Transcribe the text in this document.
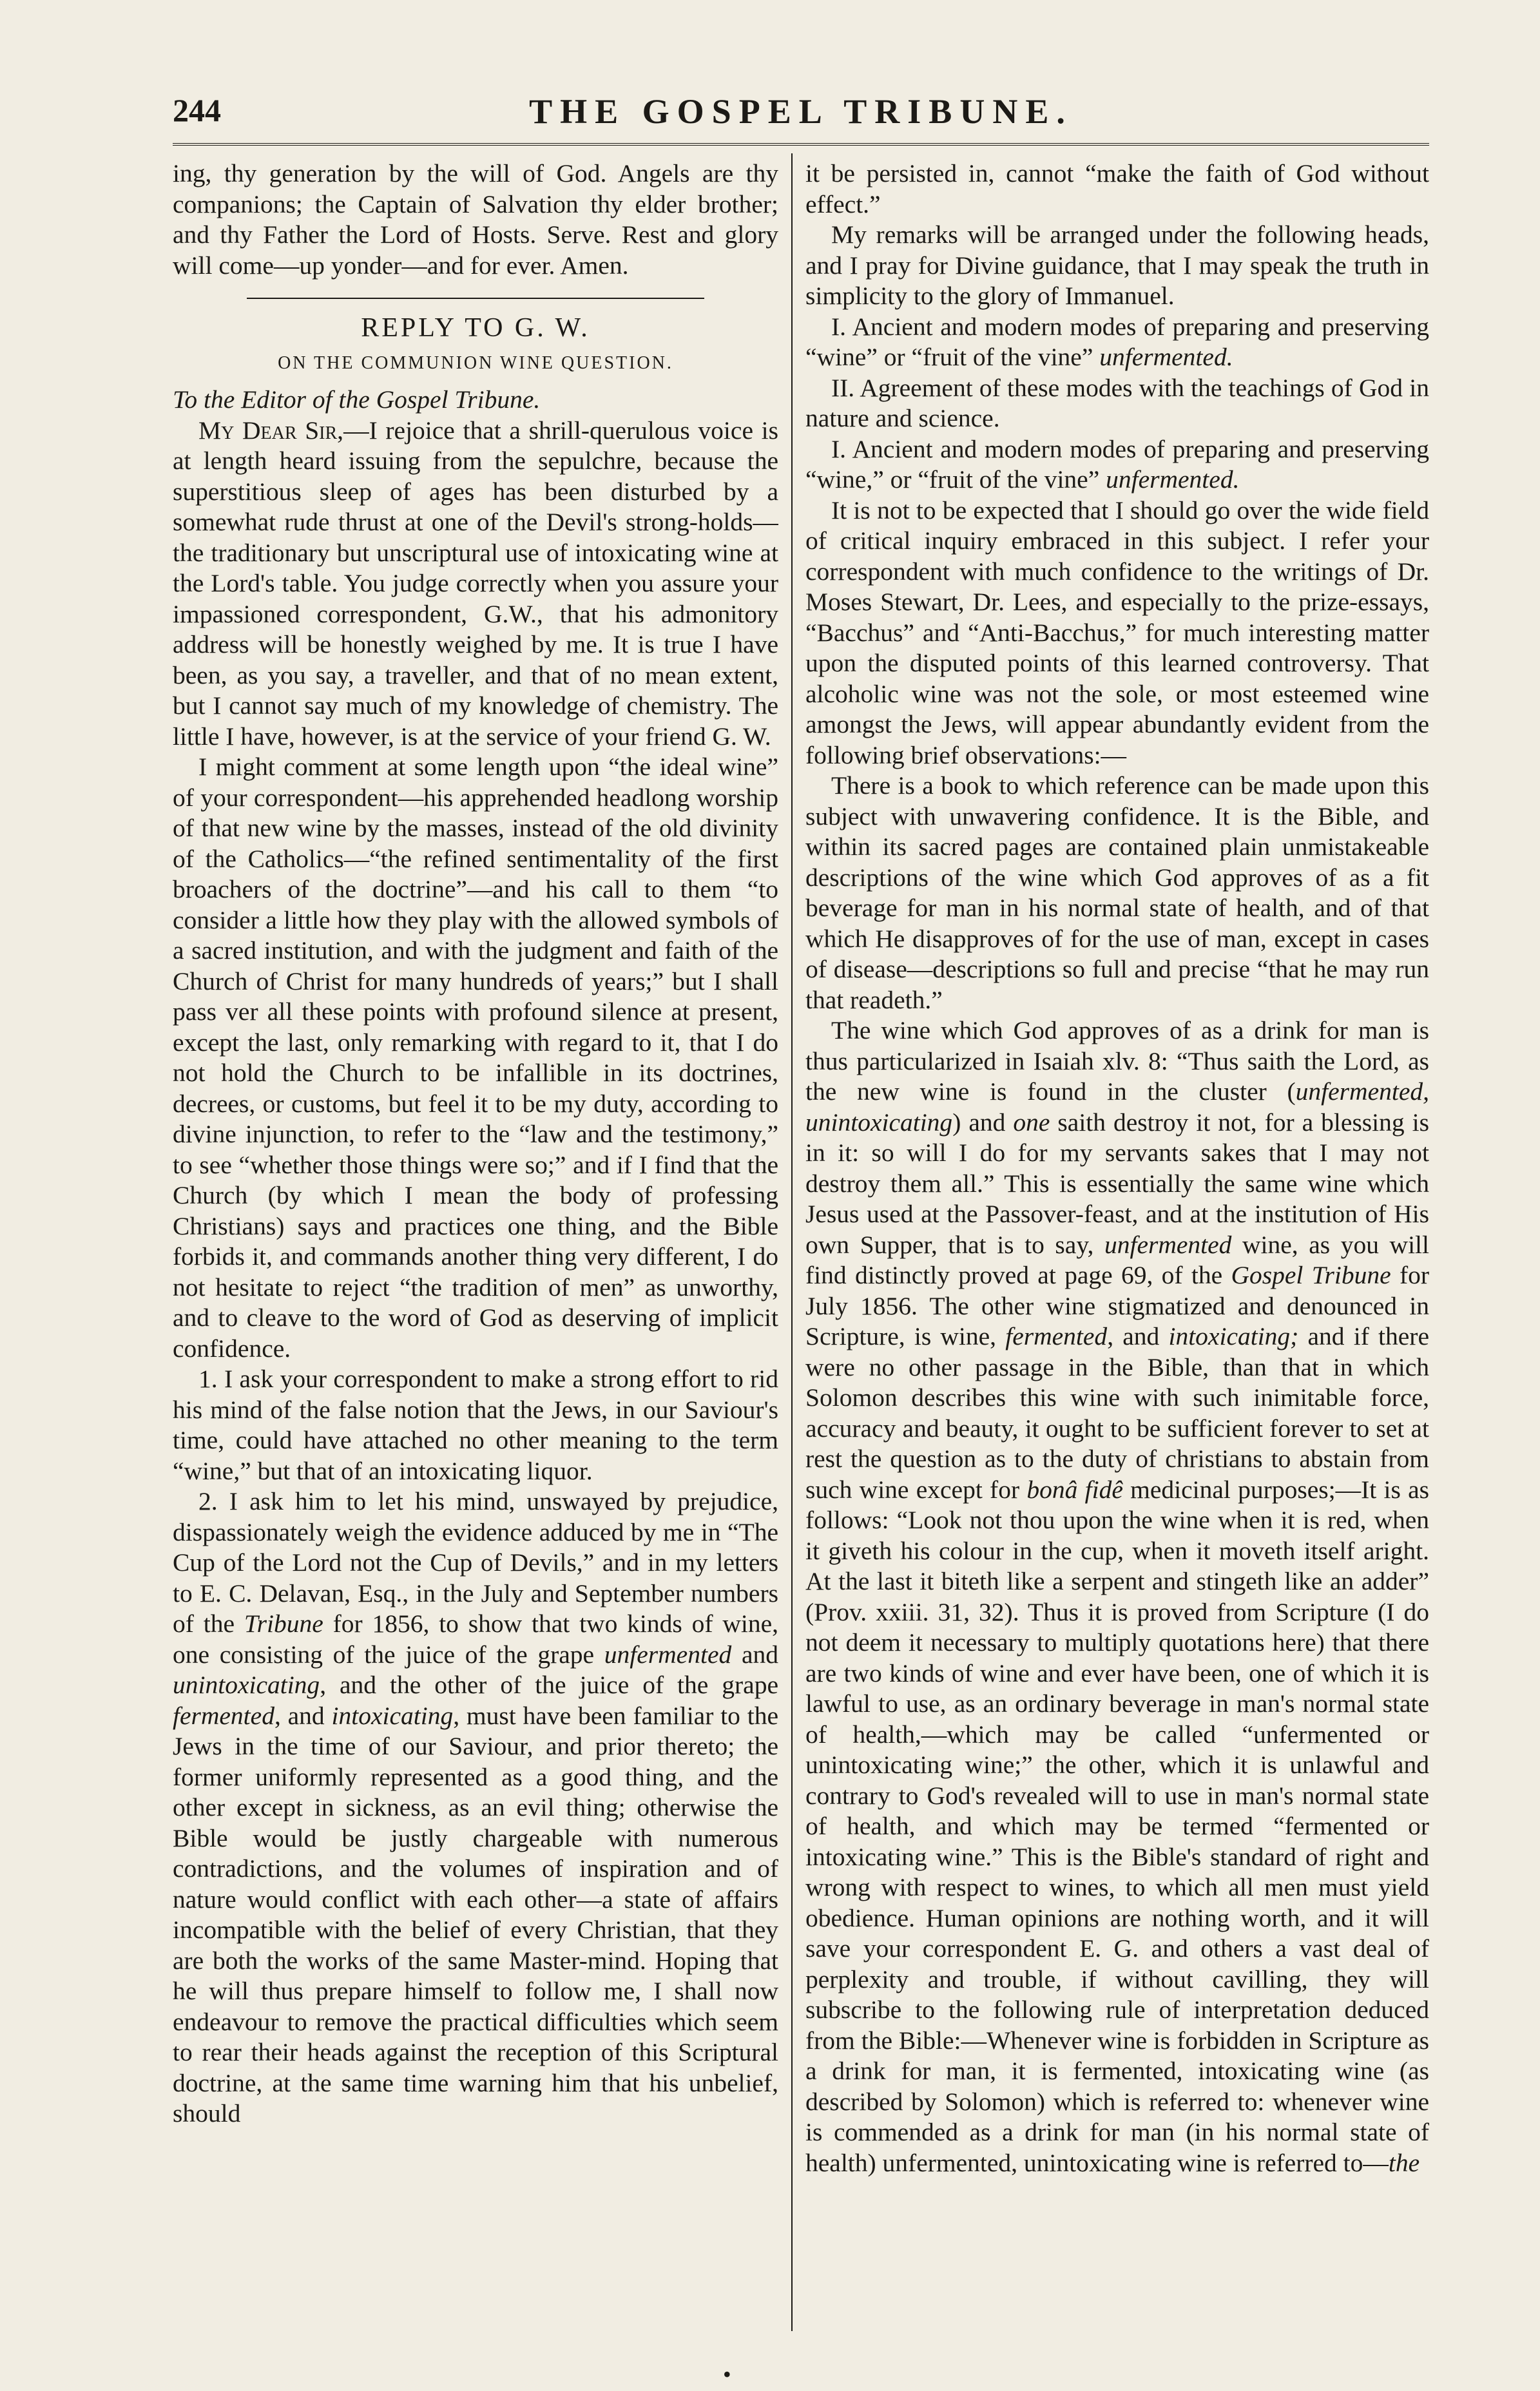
244	THE GOSPEL TRIBUNE.

ing, thy generation by the will of God. Angels are thy companions; the Captain of Salvation thy elder brother; and thy Father the Lord of Hosts. Serve. Rest and glory will come—up yonder—and for ever. Amen.

REPLY TO G. W.
ON THE COMMUNION WINE QUESTION.

To the Editor of the Gospel Tribune.

My Dear Sir,—I rejoice that a shrill-querulous voice is at length heard issuing from the sepulchre, because the superstitious sleep of ages has been disturbed by a somewhat rude thrust at one of the Devil's strong-holds—the traditionary but unscriptural use of intoxicating wine at the Lord's table. You judge correctly when you assure your impassioned correspondent, G.W., that his admonitory address will be honestly weighed by me. It is true I have been, as you say, a traveller, and that of no mean extent, but I cannot say much of my knowledge of chemistry. The little I have, however, is at the service of your friend G. W.

I might comment at some length upon “the ideal wine” of your correspondent—his apprehended headlong worship of that new wine by the masses, instead of the old divinity of the Catholics—“the refined sentimentality of the first broachers of the doctrine”—and his call to them “to consider a little how they play with the allowed symbols of a sacred institution, and with the judgment and faith of the Church of Christ for many hundreds of years;” but I shall pass ver all these points with profound silence at present, except the last, only remarking with regard to it, that I do not hold the Church to be infallible in its doctrines, decrees, or customs, but feel it to be my duty, according to divine injunction, to refer to the “law and the testimony,” to see “whether those things were so;” and if I find that the Church (by which I mean the body of professing Christians) says and practices one thing, and the Bible forbids it, and commands another thing very different, I do not hesitate to reject “the tradition of men” as unworthy, and to cleave to the word of God as deserving of implicit confidence.

1. I ask your correspondent to make a strong effort to rid his mind of the false notion that the Jews, in our Saviour's time, could have attached no other meaning to the term “wine,” but that of an intoxicating liquor.

2. I ask him to let his mind, unswayed by prejudice, dispassionately weigh the evidence adduced by me in “The Cup of the Lord not the Cup of Devils,” and in my letters to E. C. Delavan, Esq., in the July and September numbers of the Tribune for 1856, to show that two kinds of wine, one consisting of the juice of the grape unfermented and unintoxicating, and the other of the juice of the grape fermented, and intoxicating, must have been familiar to the Jews in the time of our Saviour, and prior thereto; the former uniformly represented as a good thing, and the other except in sickness, as an evil thing; otherwise the Bible would be justly chargeable with numerous contradictions, and the volumes of inspiration and of nature would conflict with each other—a state of affairs incompatible with the belief of every Christian, that they are both the works of the same Master-mind. Hoping that he will thus prepare himself to follow me, I shall now endeavour to remove the practical difficulties which seem to rear their heads against the reception of this Scriptural doctrine, at the same time warning him that his unbelief, should

it be persisted in, cannot “make the faith of God without effect.”

My remarks will be arranged under the following heads, and I pray for Divine guidance, that I may speak the truth in simplicity to the glory of Immanuel.

I. Ancient and modern modes of preparing and preserving “wine” or “fruit of the vine” unfermented.

II. Agreement of these modes with the teachings of God in nature and science.

I. Ancient and modern modes of preparing and preserving “wine,” or “fruit of the vine” unfermented.

It is not to be expected that I should go over the wide field of critical inquiry embraced in this subject. I refer your correspondent with much confidence to the writings of Dr. Moses Stewart, Dr. Lees, and especially to the prize-essays, “Bacchus” and “Anti-Bacchus,” for much interesting matter upon the disputed points of this learned controversy. That alcoholic wine was not the sole, or most esteemed wine amongst the Jews, will appear abundantly evident from the following brief observations:—

There is a book to which reference can be made upon this subject with unwavering confidence. It is the Bible, and within its sacred pages are contained plain unmistakeable descriptions of the wine which God approves of as a fit beverage for man in his normal state of health, and of that which He disapproves of for the use of man, except in cases of disease—descriptions so full and precise “that he may run that readeth.”

The wine which God approves of as a drink for man is thus particularized in Isaiah xlv. 8: “Thus saith the Lord, as the new wine is found in the cluster (unfermented, unintoxicating) and one saith destroy it not, for a blessing is in it: so will I do for my servants sakes that I may not destroy them all.” This is essentially the same wine which Jesus used at the Passover-feast, and at the institution of His own Supper, that is to say, unfermented wine, as you will find distinctly proved at page 69, of the Gospel Tribune for July 1856. The other wine stigmatized and denounced in Scripture, is wine, fermented, and intoxicating; and if there were no other passage in the Bible, than that in which Solomon describes this wine with such inimitable force, accuracy and beauty, it ought to be sufficient forever to set at rest the question as to the duty of christians to abstain from such wine except for bonâ fidê medicinal purposes;—It is as follows: “Look not thou upon the wine when it is red, when it giveth his colour in the cup, when it moveth itself aright. At the last it biteth like a serpent and stingeth like an adder” (Prov. xxiii. 31, 32). Thus it is proved from Scripture (I do not deem it necessary to multiply quotations here) that there are two kinds of wine and ever have been, one of which it is lawful to use, as an ordinary beverage in man's normal state of health,—which may be called “unfermented or unintoxicating wine;” the other, which it is unlawful and contrary to God's revealed will to use in man's normal state of health, and which may be termed “fermented or intoxicating wine.” This is the Bible's standard of right and wrong with respect to wines, to which all men must yield obedience. Human opinions are nothing worth, and it will save your correspondent E. G. and others a vast deal of perplexity and trouble, if without cavilling, they will subscribe to the following rule of interpretation deduced from the Bible:—Whenever wine is forbidden in Scripture as a drink for man, it is fermented, intoxicating wine (as described by Solomon) which is referred to: whenever wine is commended as a drink for man (in his normal state of health) unfermented, unintoxicating wine is referred to—the

•
